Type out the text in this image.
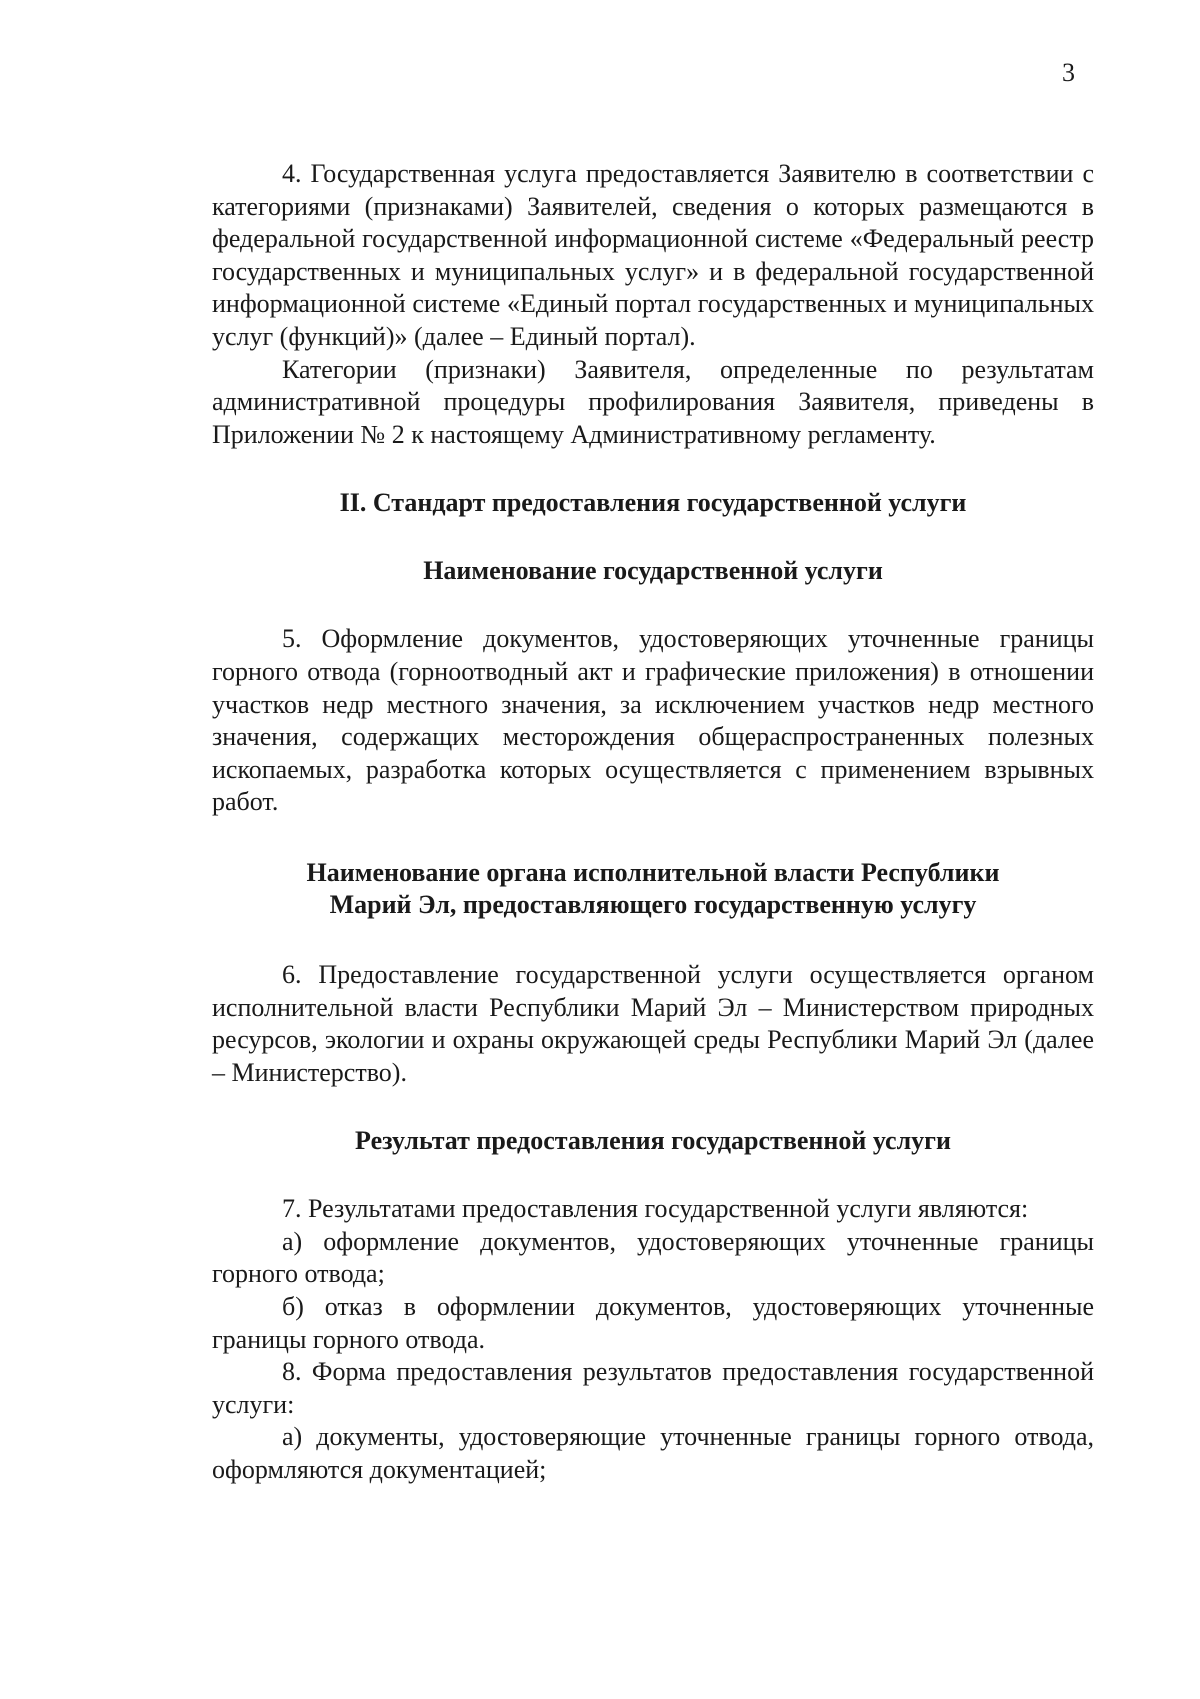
3

4. Государственная услуга предоставляется Заявителю в соответствии с категориями (признаками) Заявителей, сведения о которых размещаются в федеральной государственной информационной системе «Федеральный реестр государственных и муниципальных услуг» и в федеральной государственной информационной системе «Единый портал государственных и муниципальных услуг (функций)» (далее – Единый портал).

Категории (признаки) Заявителя, определенные по результатам административной процедуры профилирования Заявителя, приведены в Приложении № 2 к настоящему Административному регламенту.

II. Стандарт предоставления государственной услуги

Наименование государственной услуги

5. Оформление документов, удостоверяющих уточненные границы горного отвода (горноотводный акт и графические приложения) в отношении участков недр местного значения, за исключением участков недр местного значения, содержащих месторождения общераспространенных полезных ископаемых, разработка которых осуществляется с применением взрывных работ.

Наименование органа исполнительной власти Республики
Марий Эл, предоставляющего государственную услугу

6. Предоставление государственной услуги осуществляется органом исполнительной власти Республики Марий Эл – Министерством природных ресурсов, экологии и охраны окружающей среды Республики Марий Эл (далее – Министерство).

Результат предоставления государственной услуги

7. Результатами предоставления государственной услуги являются:

а) оформление документов, удостоверяющих уточненные границы горного отвода;

б) отказ в оформлении документов, удостоверяющих уточненные границы горного отвода.

8. Форма предоставления результатов предоставления государственной услуги:

а) документы, удостоверяющие уточненные границы горного отвода, оформляются документацией;
